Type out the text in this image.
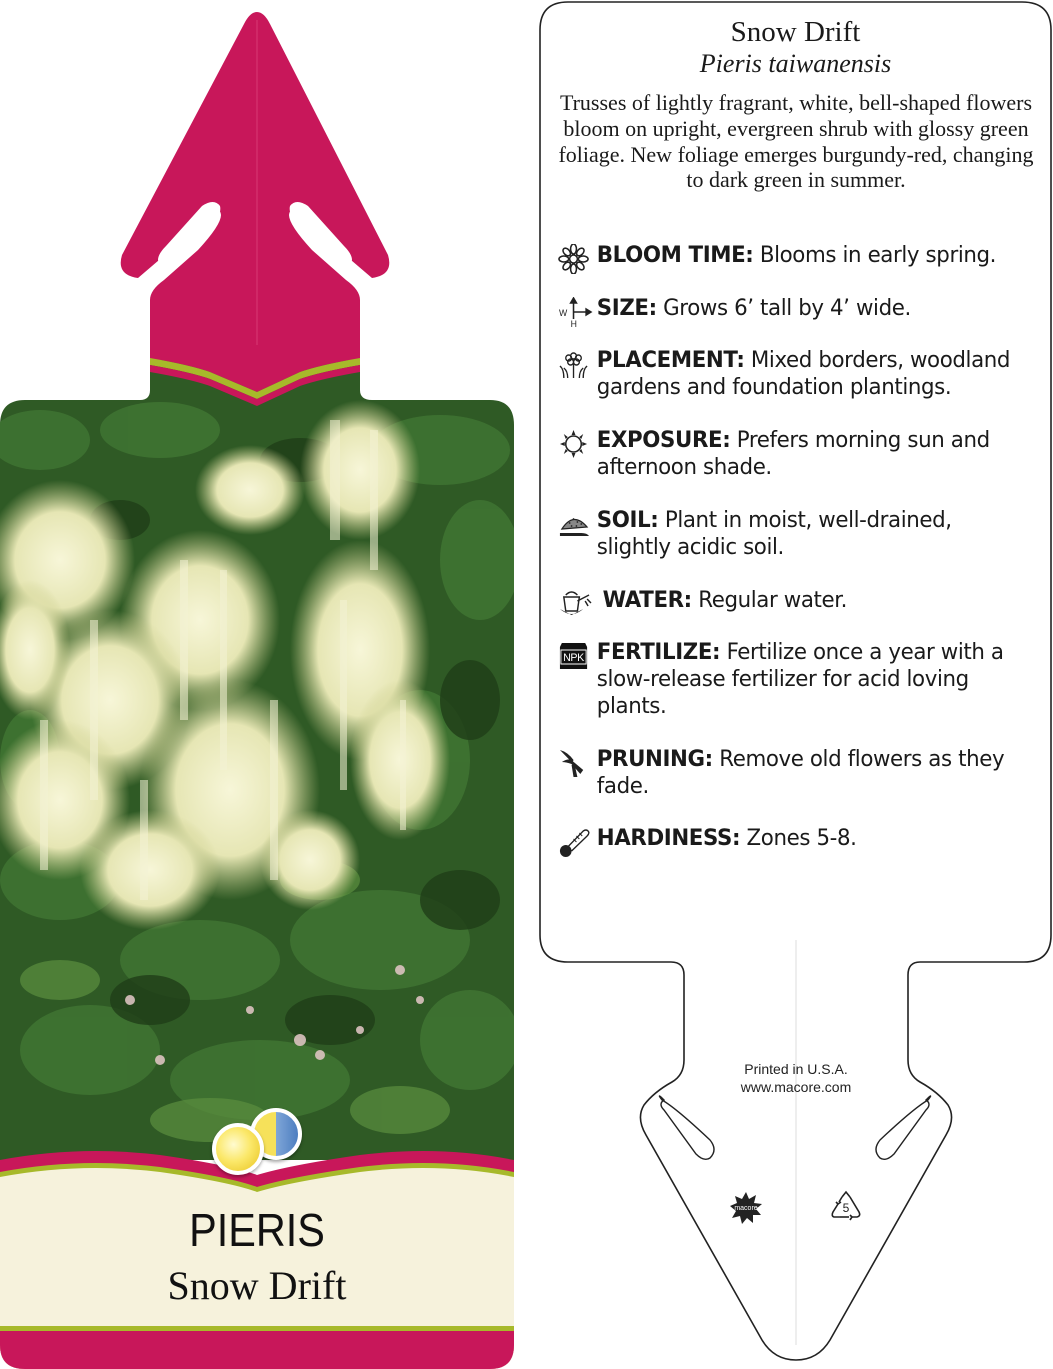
PIERIS
Snow Drift
Snow Drift
Pieris taiwanensis
Trusses of lightly fragrant, white, bell-shaped flowers bloom on upright, evergreen shrub with glossy green foliage. New foliage emerges burgundy-red, changing to dark green in summer.
BLOOM TIME: Blooms in early spring.
W
H
SIZE: Grows 6’ tall by 4’ wide.
PLACEMENT: Mixed borders, woodland gardens and foundation plantings.
EXPOSURE: Prefers morning sun and afternoon shade.
SOIL: Plant in moist, well-drained, slightly acidic soil.
WATER: Regular water.
NPK FERTILIZE: Fertilize once a year with a slow-release fertilizer for acid loving plants.
PRUNING: Remove old flowers as they fade.
HARDINESS: Zones 5-8.
Printed in U.S.A.
www.macore.com
macore	5
